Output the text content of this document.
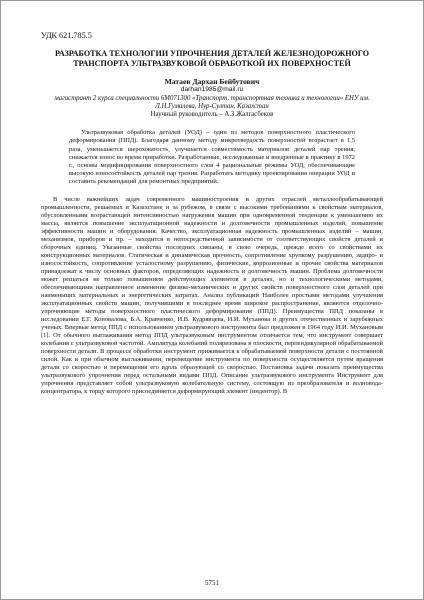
УДК 621.785.5

РАЗРАБОТКА ТЕХНОЛОГИИ УПРОЧНЕНИЯ ДЕТАЛЕЙ ЖЕЛЕЗНОДОРОЖНОГО ТРАНСПОРТА УЛЬТРАЗВУКОВОЙ ОБРАБОТКОЙ ИХ ПОВЕРХНОСТЕЙ
Матаев Дархан Бейбутович
darhan1985@mail.ru
магистрант 2 курса специальности 6М071300 «Транспорт, транспортная техника и технологии» ЕНУ им. Л.Н.Гумилева, Нур-Султан, Казахстан
Научный руководитель – А.З.Жалгасбеков

Ультразвуковая обработка деталей (УОД) – один из методов поверхностного пластического деформирования (ППД). Благодаря данному методу микротвердость поверхностей возрастает в 1,5 раза, уменьшается шероховатость, улучшается совместимость материалов деталей пар трения, снижается износ во время приработки. Разработанные, исследованные и внедренные в практику в 1972 г., основы модифицирования поверхностного слоя 4 рациональные режимы УОД, обеспечивающие высокую износостойкость деталей пар трения. Разработать методику проектирования операции УОД и составить рекомендаций для ремонтных предприятий.

В числе важнейших задач современного машиностроения и других отраслей металлообрабатывающей промышленности, решаемых в Казахстане и за рубежом, в связи с высокими требованиями к свойствам материалов, обусловленными возрастающей интенсивностью нагружения машин при одновременной тенденции к уменьшению их массы, является повышение эксплуатационной надежности и долговечности промышленных изделий, повышение эффективности машин и оборудования. Качество, эксплуатационная надежность промышленных изделий – машин, механизмов, приборов и пр. – находится в непосредственной зависимости от соответствующих свойств деталей и сборочных единиц. Указанные свойства последних связаны, в свою очередь, прежде всего со свойствами их конструкционных материалов. Статическая и динамическая прочность, сопротивление хрупкому разрушению, задиро- и износостойкость, сопротивление усталостному разрушению, физические, коррозионные и прочие свойства материалов принадлежат к числу основных факторов, определяющих надежность и долговечность машин. Проблема долговечности может решаться не только повышением действующих элементов в деталях, но и технологическими методами, обеспечивающими направленное изменение физико-механических и других свойств поверхностного слоя деталей при наименьших материальных и энергетических затратах. Анализ публикаций Наиболее простыми методами улучшения эксплуатационных свойств машин, получившими в последнее время широкое распространение, являются отделочно-упрочняющие методы поверхностного пластического деформирования (ППД). Преимущества ППД показаны в исследовании Е.Г. Коновалова, Б.А. Кравченко, И.В. Кудрявцева, И.И. Мухановa и других отечественных и зарубежных ученых. Впервые метод ППД с использованием ультразвукового инструмента был предложен в 1964 году И.И. Мухановым [1]. От обычного выглаживания метод ППД ультразвуковым инструментом отличается тем, что инструмент совершает колебания с ультразвуковой частотой. Амплитуда колебаний поляризована в плоскости, перпендикулярной обрабатываемой поверхности детали. В процессе обработки инструмент прижимается к обрабатываемой поверхности детали с постоянной силой. Как и при обычном выглаживании, перемещение инструмента по поверхности осуществляется путем вращения детали со скоростью и перемещения его вдоль образующей со скоростью. Постановка задачи показать преимущества ультразвукового упрочнения перед остальными видами ППД. Описание ультразвукового инструмента Инструмент для упрочнения представляет собой ультразвуковую колебательную систему, состоящую из преобразователя и волновода-концентратора, к торцу которого присоединяется деформирующий элемент (индентор). В

5751
